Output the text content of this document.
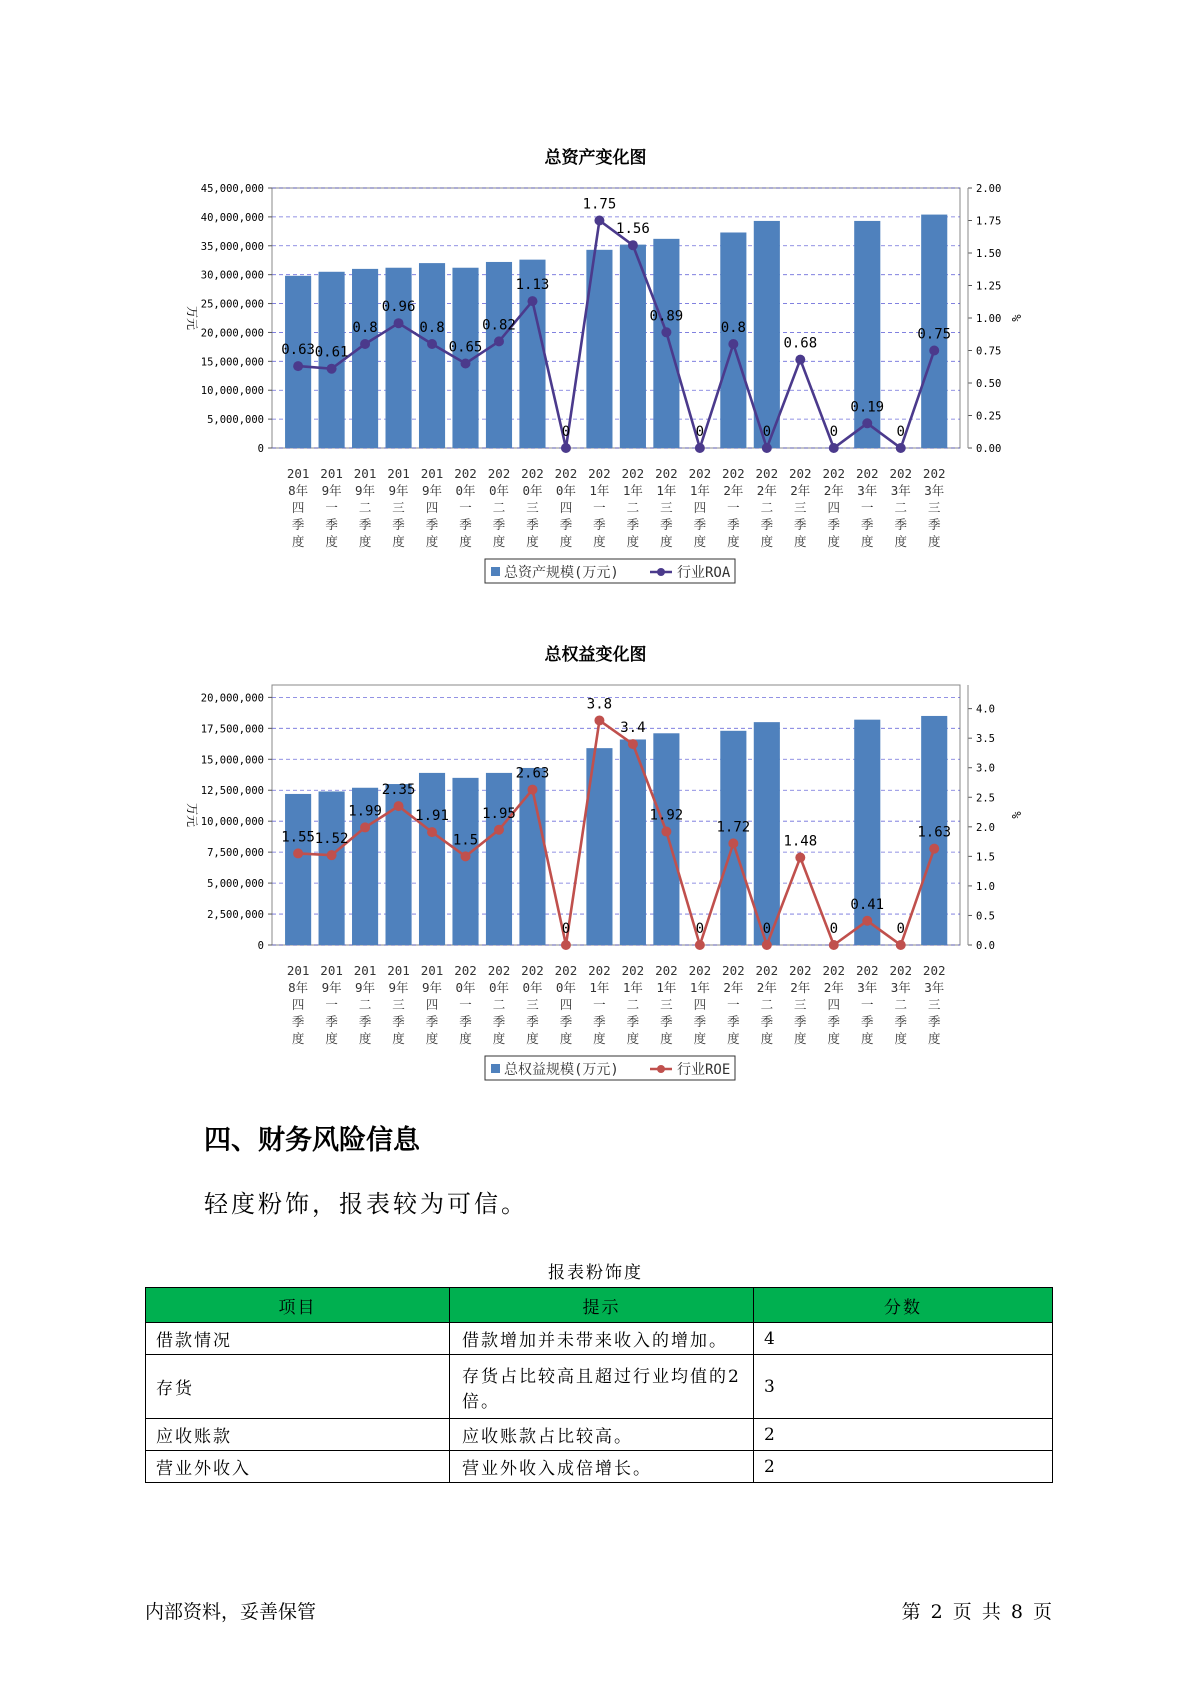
总资产变化图
45,000,000
40,000,000
35,000,000
30,000,000
25,000,000
20,000,000
15,000,000
10,000,000
5,000,000
0
2.00
1.75
1.50
1.25
1.00
0.75
0.50
0.25
0.00
万元	%
0.63 0.61
0.8
0.96
0.8
0.65
0.82
1.13
0
1.75
1.56
0.89
0
0.8
0
0.68
0
0.19
0
0.75
201
8年
四
季
度
201
9年
一
季
度
201
9年
二
季
度
201
9年
三
季
度
201
9年
四
季
度
202
0年
一
季
度
202
0年
二
季
度
202
0年
三
季
度
202
0年
四
季
度
202
1年
一
季
度
202
1年
二
季
度
202
1年
三
季
度
202
1年
四
季
度
202
2年
一
季
度
202
2年
二
季
度
202
2年
三
季
度
202
2年
四
季
度
202
3年
一
季
度
202
3年
二
季
度
202
3年
三
季
度
总资产规模(万元)	行业ROA
总权益变化图
20,000,000
17,500,000
15,000,000
12,500,000
10,000,000
7,500,000
5,000,000
2,500,000
0
4.0
3.5
3.0
2.5
2.0
1.5
1.0
0.5
0.0
万元	%
1.55 1.52
1.99
2.35
1.91
1.5
1.95
2.63
0
3.8
3.4
1.92
0
1.72
0
1.48
0
0.41
0
1.63
201
8年
四
季
度
201
9年
一
季
度
201
9年
二
季
度
201
9年
三
季
度
201
9年
四
季
度
202
0年
一
季
度
202
0年
二
季
度
202
0年
三
季
度
202
0年
四
季
度
202
1年
一
季
度
202
1年
二
季
度
202
1年
三
季
度
202
1年
四
季
度
202
2年
一
季
度
202
2年
二
季
度
202
2年
三
季
度
202
2年
四
季
度
202
3年
一
季
度
202
3年
二
季
度
202
3年
三
季
度
总权益规模(万元)	行业ROE
四、财务风险信息
轻度粉饰，报表较为可信。
报表粉饰度
项目	提示	分数
借款情况	借款增加并未带来收入的增加。	4
存货	存货占比较高且超过行业均值的2倍。	3
应收账款	应收账款占比较高。	2
营业外收入	营业外收入成倍增长。	2
内部资料，妥善保管	第 2 页 共 8 页
